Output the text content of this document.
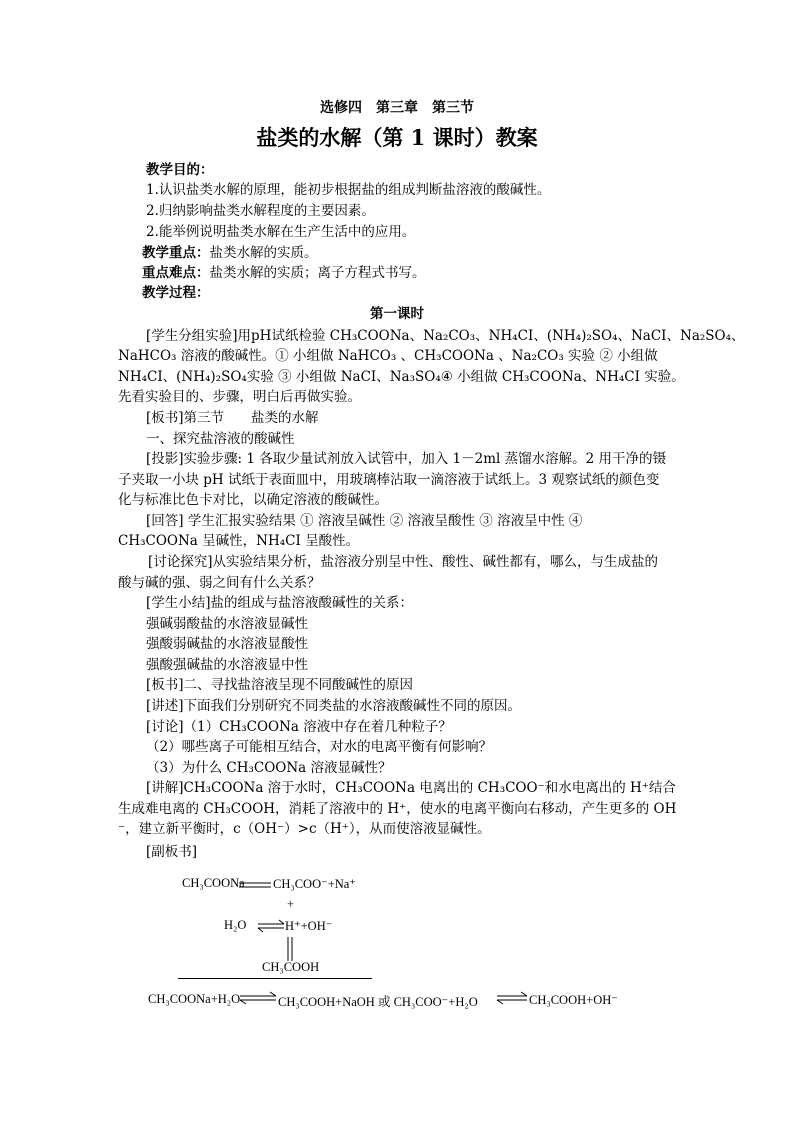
选修四　第三章　第三节
盐类的水解（第 1 课时）教案
教学目的：
1.认识盐类水解的原理，能初步根据盐的组成判断盐溶液的酸碱性。
2.归纳影响盐类水解程度的主要因素。
2.能举例说明盐类水解在生产生活中的应用。
教学重点：盐类水解的实质。
重点难点：盐类水解的实质；离子方程式书写。
教学过程：
第一课时
[学生分组实验]用pH试纸检验 CH₃COONa、Na₂CO₃、NH₄CI、(NH₄)₂SO₄、NaCI、Na₂SO₄、
NaHCO₃ 溶液的酸碱性。① 小组做 NaHCO₃ 、CH₃COONa 、Na₂CO₃ 实验 ② 小组做
NH₄CI、(NH₄)₂SO₄实验 ③ 小组做 NaCI、Na₃SO₄④ 小组做 CH₃COONa、NH₄CI 实验。
先看实验目的、步骤，明白后再做实验。
[板书]第三节　　盐类的水解
一、探究盐溶液的酸碱性
[投影]实验步骤: 1 各取少量试剂放入试管中，加入 1－2ml 蒸馏水溶解。2 用干净的镊
子夹取一小块 pH 试纸于表面皿中，用玻璃棒沾取一滴溶液于试纸上。3 观察试纸的颜色变
化与标准比色卡对比，以确定溶液的酸碱性。
[回答] 学生汇报实验结果 ① 溶液呈碱性 ② 溶液呈酸性 ③ 溶液呈中性 ④
CH₃COONa 呈碱性，NH₄CI 呈酸性。
[讨论探究]从实验结果分析，盐溶液分别呈中性、酸性、碱性都有，哪么，与生成盐的
酸与碱的强、弱之间有什么关系？
[学生小结]盐的组成与盐溶液酸碱性的关系：
强碱弱酸盐的水溶液显碱性
强酸弱碱盐的水溶液显酸性
强酸强碱盐的水溶液显中性
[板书]二、寻找盐溶液呈现不同酸碱性的原因
[讲述]下面我们分别研究不同类盐的水溶液酸碱性不同的原因。
[讨论]（1）CH₃COONa 溶液中存在着几种粒子？
（2）哪些离子可能相互结合，对水的电离平衡有何影响？
（3）为什么 CH₃COONa 溶液显碱性？
[讲解]CH₃COONa 溶于水时，CH₃COONa 电离出的 CH₃COO⁻和水电离出的 H⁺结合
生成难电离的 CH₃COOH，消耗了溶液中的 H⁺，使水的电离平衡向右移动，产生更多的 OH
⁻，建立新平衡时，c（OH⁻）>c（H⁺），从而使溶液显碱性。
[副板书]
CH₃COONa CH₃COO⁻+Na⁺
+
H₂O ⇌ H⁺+OH⁻
CH₃COOH
CH₃COONa+H₂O	CH₃COOH+NaOH 或 CH₃COO⁻+H₂O	CH₃COOH+OH⁻
